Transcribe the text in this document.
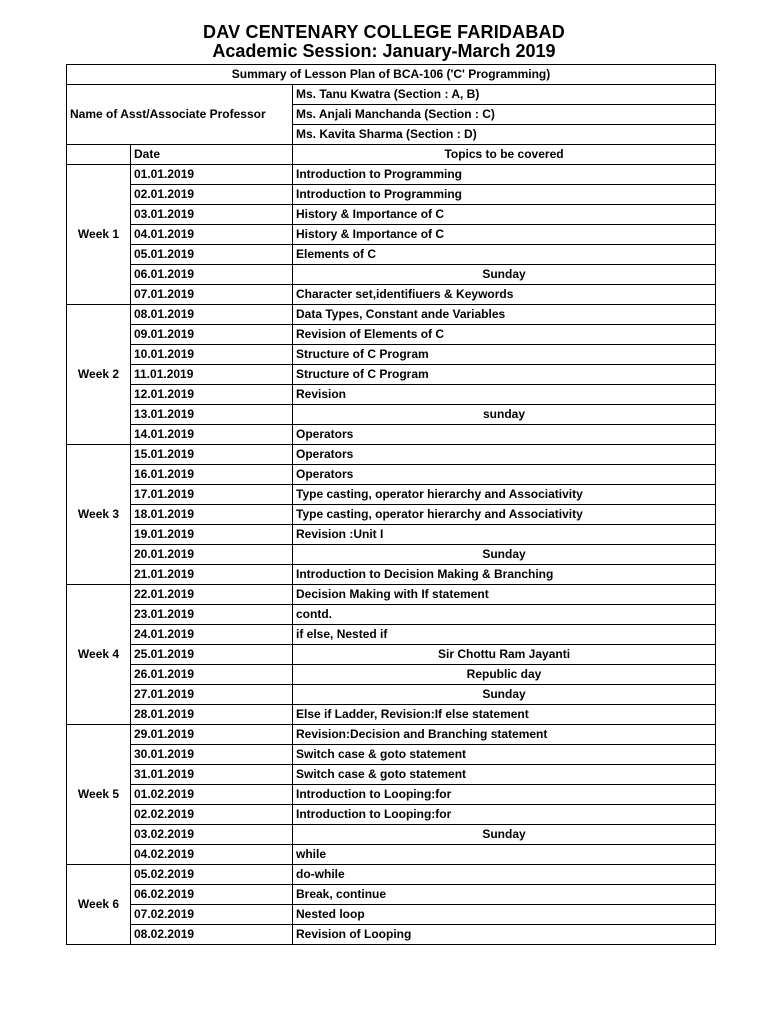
DAV CENTENARY COLLEGE FARIDABAD
Academic Session: January-March 2019
Summary of Lesson Plan of BCA-106 ('C' Programming)		
Name of Asst/Associate Professor		Ms. Tanu Kwatra (Section : A, B)
		Ms. Anjali Manchanda (Section : C)
		Ms. Kavita Sharma (Section : D)
	Date	Topics to be covered
Week 1	01.01.2019	Introduction to Programming
	02.01.2019	Introduction to Programming
	03.01.2019	History & Importance of C
	04.01.2019	History & Importance of C
	05.01.2019	Elements of C
	06.01.2019	Sunday
	07.01.2019	Character set,identifiuers & Keywords
Week 2	08.01.2019	Data Types, Constant ande Variables
	09.01.2019	Revision of Elements of C
	10.01.2019	Structure of C Program
	11.01.2019	Structure of C Program
	12.01.2019	Revision
	13.01.2019	sunday
	14.01.2019	Operators
Week 3	15.01.2019	Operators
	16.01.2019	Operators
	17.01.2019	Type casting, operator hierarchy and Associativity
	18.01.2019	Type casting, operator hierarchy and Associativity
	19.01.2019	Revision :Unit I
	20.01.2019	Sunday
	21.01.2019	Introduction to Decision Making & Branching
Week 4	22.01.2019	Decision Making with If statement
	23.01.2019	contd.
	24.01.2019	if else, Nested if
	25.01.2019	Sir Chottu Ram Jayanti
	26.01.2019	Republic day
	27.01.2019	Sunday
	28.01.2019	Else if Ladder, Revision:If else statement
Week 5	29.01.2019	Revision:Decision and Branching statement
	30.01.2019	Switch case & goto statement
	31.01.2019	Switch case & goto statement
	01.02.2019	Introduction to Looping:for
	02.02.2019	Introduction to Looping:for
	03.02.2019	Sunday
	04.02.2019	while
Week 6	05.02.2019	do-while
	06.02.2019	Break, continue
	07.02.2019	Nested loop
	08.02.2019	Revision of Looping
